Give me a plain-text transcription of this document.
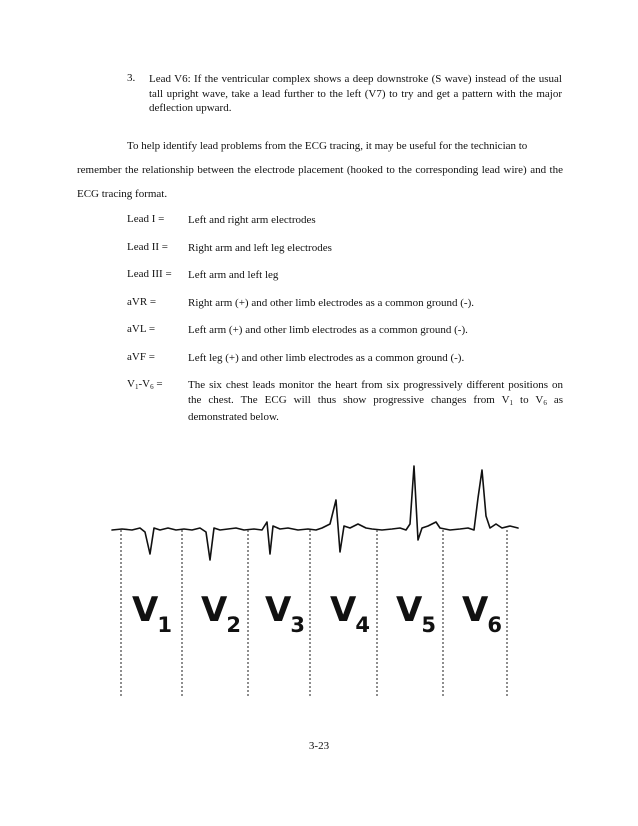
3. Lead V6: If the ventricular complex shows a deep downstroke (S wave) instead of the usual tall upright wave, take a lead further to the left (V7) to try and get a pattern with the major deflection upward.
To help identify lead problems from the ECG tracing, it may be useful for the technician to
remember the relationship between the electrode placement (hooked to the corresponding lead wire) and the ECG tracing format.
Lead I = Left and right arm electrodes
Lead II = Right arm and left leg electrodes
Lead III = Left arm and left leg
aVR =	Right arm (+) and other limb electrodes as a common ground (-).
aVL =	Left arm (+) and other limb electrodes as a common ground (-).
aVF =	Left leg (+) and other limb electrodes as a common ground (-).
$V_1-V_6$ = The six chest leads monitor the heart from six progressively different positions on the chest. The ECG will thus show progressive changes from $V_1$ to $V_6$ as demonstrated below.
$V_1$ $V_2$ $V_3$ $V_4$ $V_5$ $V_6$
3-23
